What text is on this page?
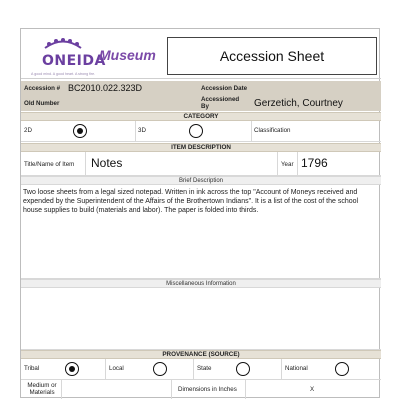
ONEIDA
A good mind. A good heart. A strong fire.
Museum	Accession Sheet
Accession # BC2010.022.323D	Accession Date
Old Number
Accessioned By	Gerzetich, Courtney
CATEGORY
2D	3D	Classification
ITEM DESCRIPTION
Title/Name of Item Notes	Year 1796
Brief Description
Two loose sheets from a legal sized notepad. Written in ink across the top "Account of Moneys received and expended by the Superintendent of the Affairs of the Brothertown Indians". It is a list of the cost of the school house supplies to build (materials and labor). The paper is folded into thirds.
Miscellaneous Information
PROVENANCE (SOURCE)
Tribal	Local	State	National
Medium or Materials	Dimensions in Inches	X
